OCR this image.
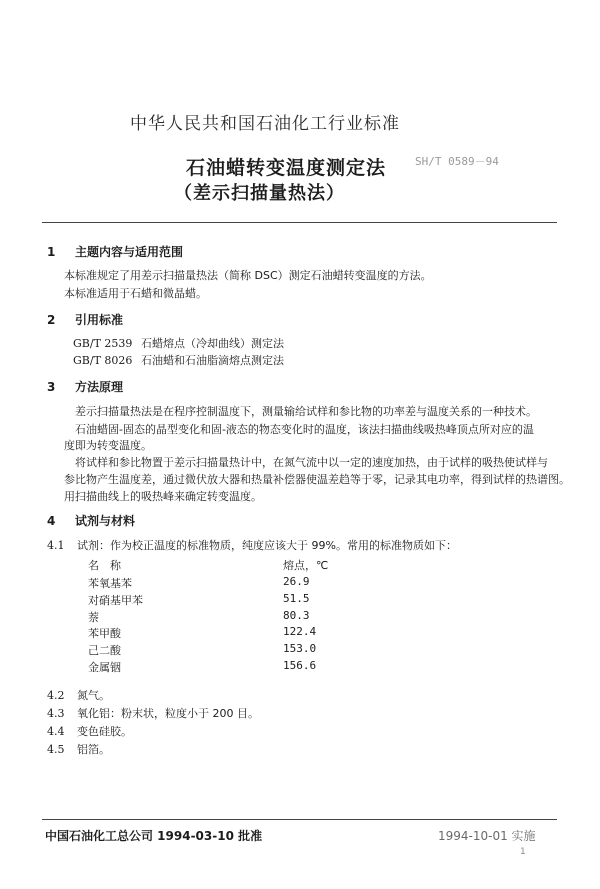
中华人民共和国石油化工行业标准
石油蜡转变温度测定法
（差示扫描量热法）
SH/T 0589－94
1 主题内容与适用范围
本标准规定了用差示扫描量热法（简称 DSC）测定石油蜡转变温度的方法。
本标准适用于石蜡和微晶蜡。
2 引用标准
GB/T 2539 石蜡熔点（冷却曲线）测定法
GB/T 8026 石油蜡和石油脂滴熔点测定法
3 方法原理
差示扫描量热法是在程序控制温度下，测量输给试样和参比物的功率差与温度关系的一种技术。
石油蜡固-固态的晶型变化和固-液态的物态变化时的温度，该法扫描曲线吸热峰顶点所对应的温
度即为转变温度。
将试样和参比物置于差示扫描量热计中，在氮气流中以一定的速度加热，由于试样的吸热使试样与
参比物产生温度差，通过微伏放大器和热量补偿器使温差趋等于零，记录其电功率，得到试样的热谱图。
用扫描曲线上的吸热峰来确定转变温度。
4 试剂与材料
4.1 试剂：作为校正温度的标准物质，纯度应该大于 99%。常用的标准物质如下：
名　称	熔点，℃
苯氧基苯	26.9
对硝基甲苯	51.5
萘	80.3
苯甲酸	122.4
己二酸	153.0
金属铟	156.6
4.2 氮气。
4.3 氧化铝：粉末状，粒度小于 200 目。
4.4 变色硅胶。
4.5 铝箔。
中国石油化工总公司 1994-03-10 批准	1994-10-01 实施
1
